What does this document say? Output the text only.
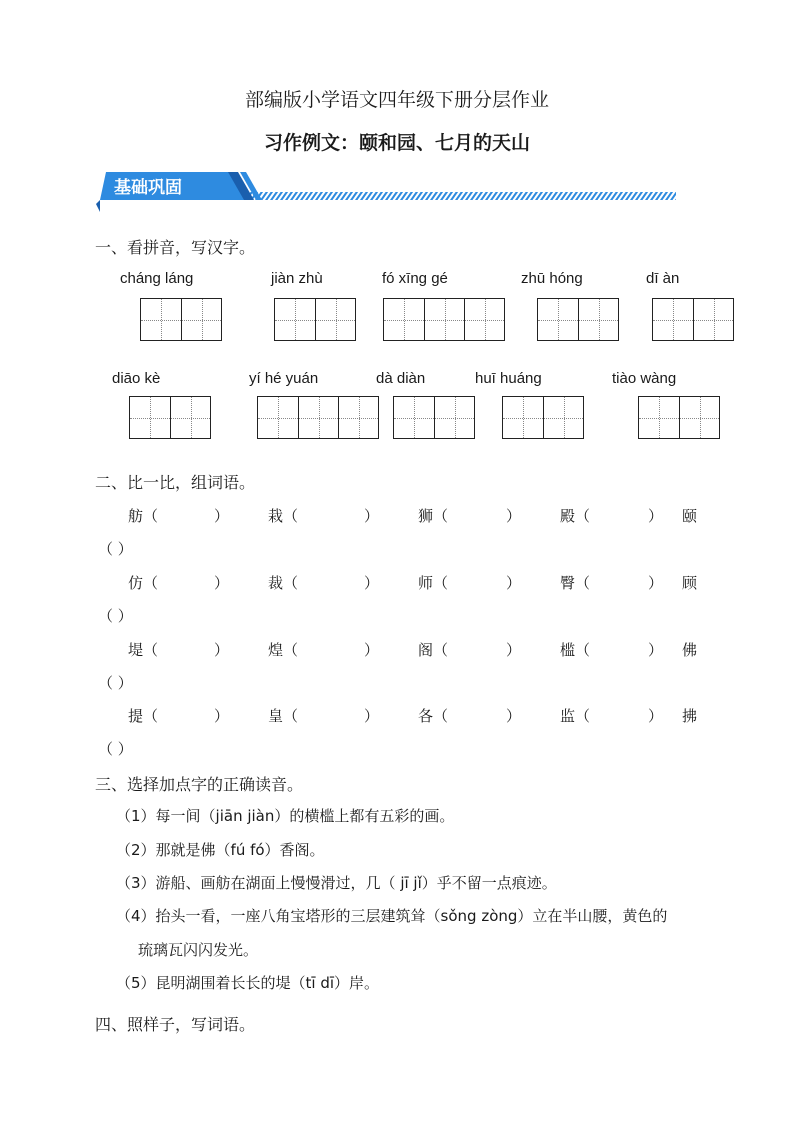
部编版小学语文四年级下册分层作业
习作例文：颐和园、七月的天山
基础巩固
一、看拼音，写汉字。
cháng láng	jiàn zhù	fó xīng gé	zhū hóng	dī àn
diāo kè	yí hé yuán	dà diàn	huī huáng	tiào wàng
二、比一比，组词语。
舫（	）	栽（	）	狮（	）	殿（	） 颐
（ ）
仿（	）	裁（	）	师（	）	臀（	） 顾
（ ）
堤（	）	煌（	）	阁（	）	槛（	） 佛
（ ）
提（	）	皇（	）	各（	）	监（	） 拂
（ ）
三、选择加点字的正确读音。
（1）每一间（jiān jiàn）的横槛上都有五彩的画。
（2）那就是佛（fú fó）香阁。
（3）游船、画舫在湖面上慢慢滑过，几（ jī jǐ）乎不留一点痕迹。
（4）抬头一看，一座八角宝塔形的三层建筑耸（sǒng zòng）立在半山腰，黄色的
琉璃瓦闪闪发光。
（5）昆明湖围着长长的堤（tī dī）岸。
四、照样子，写词语。
